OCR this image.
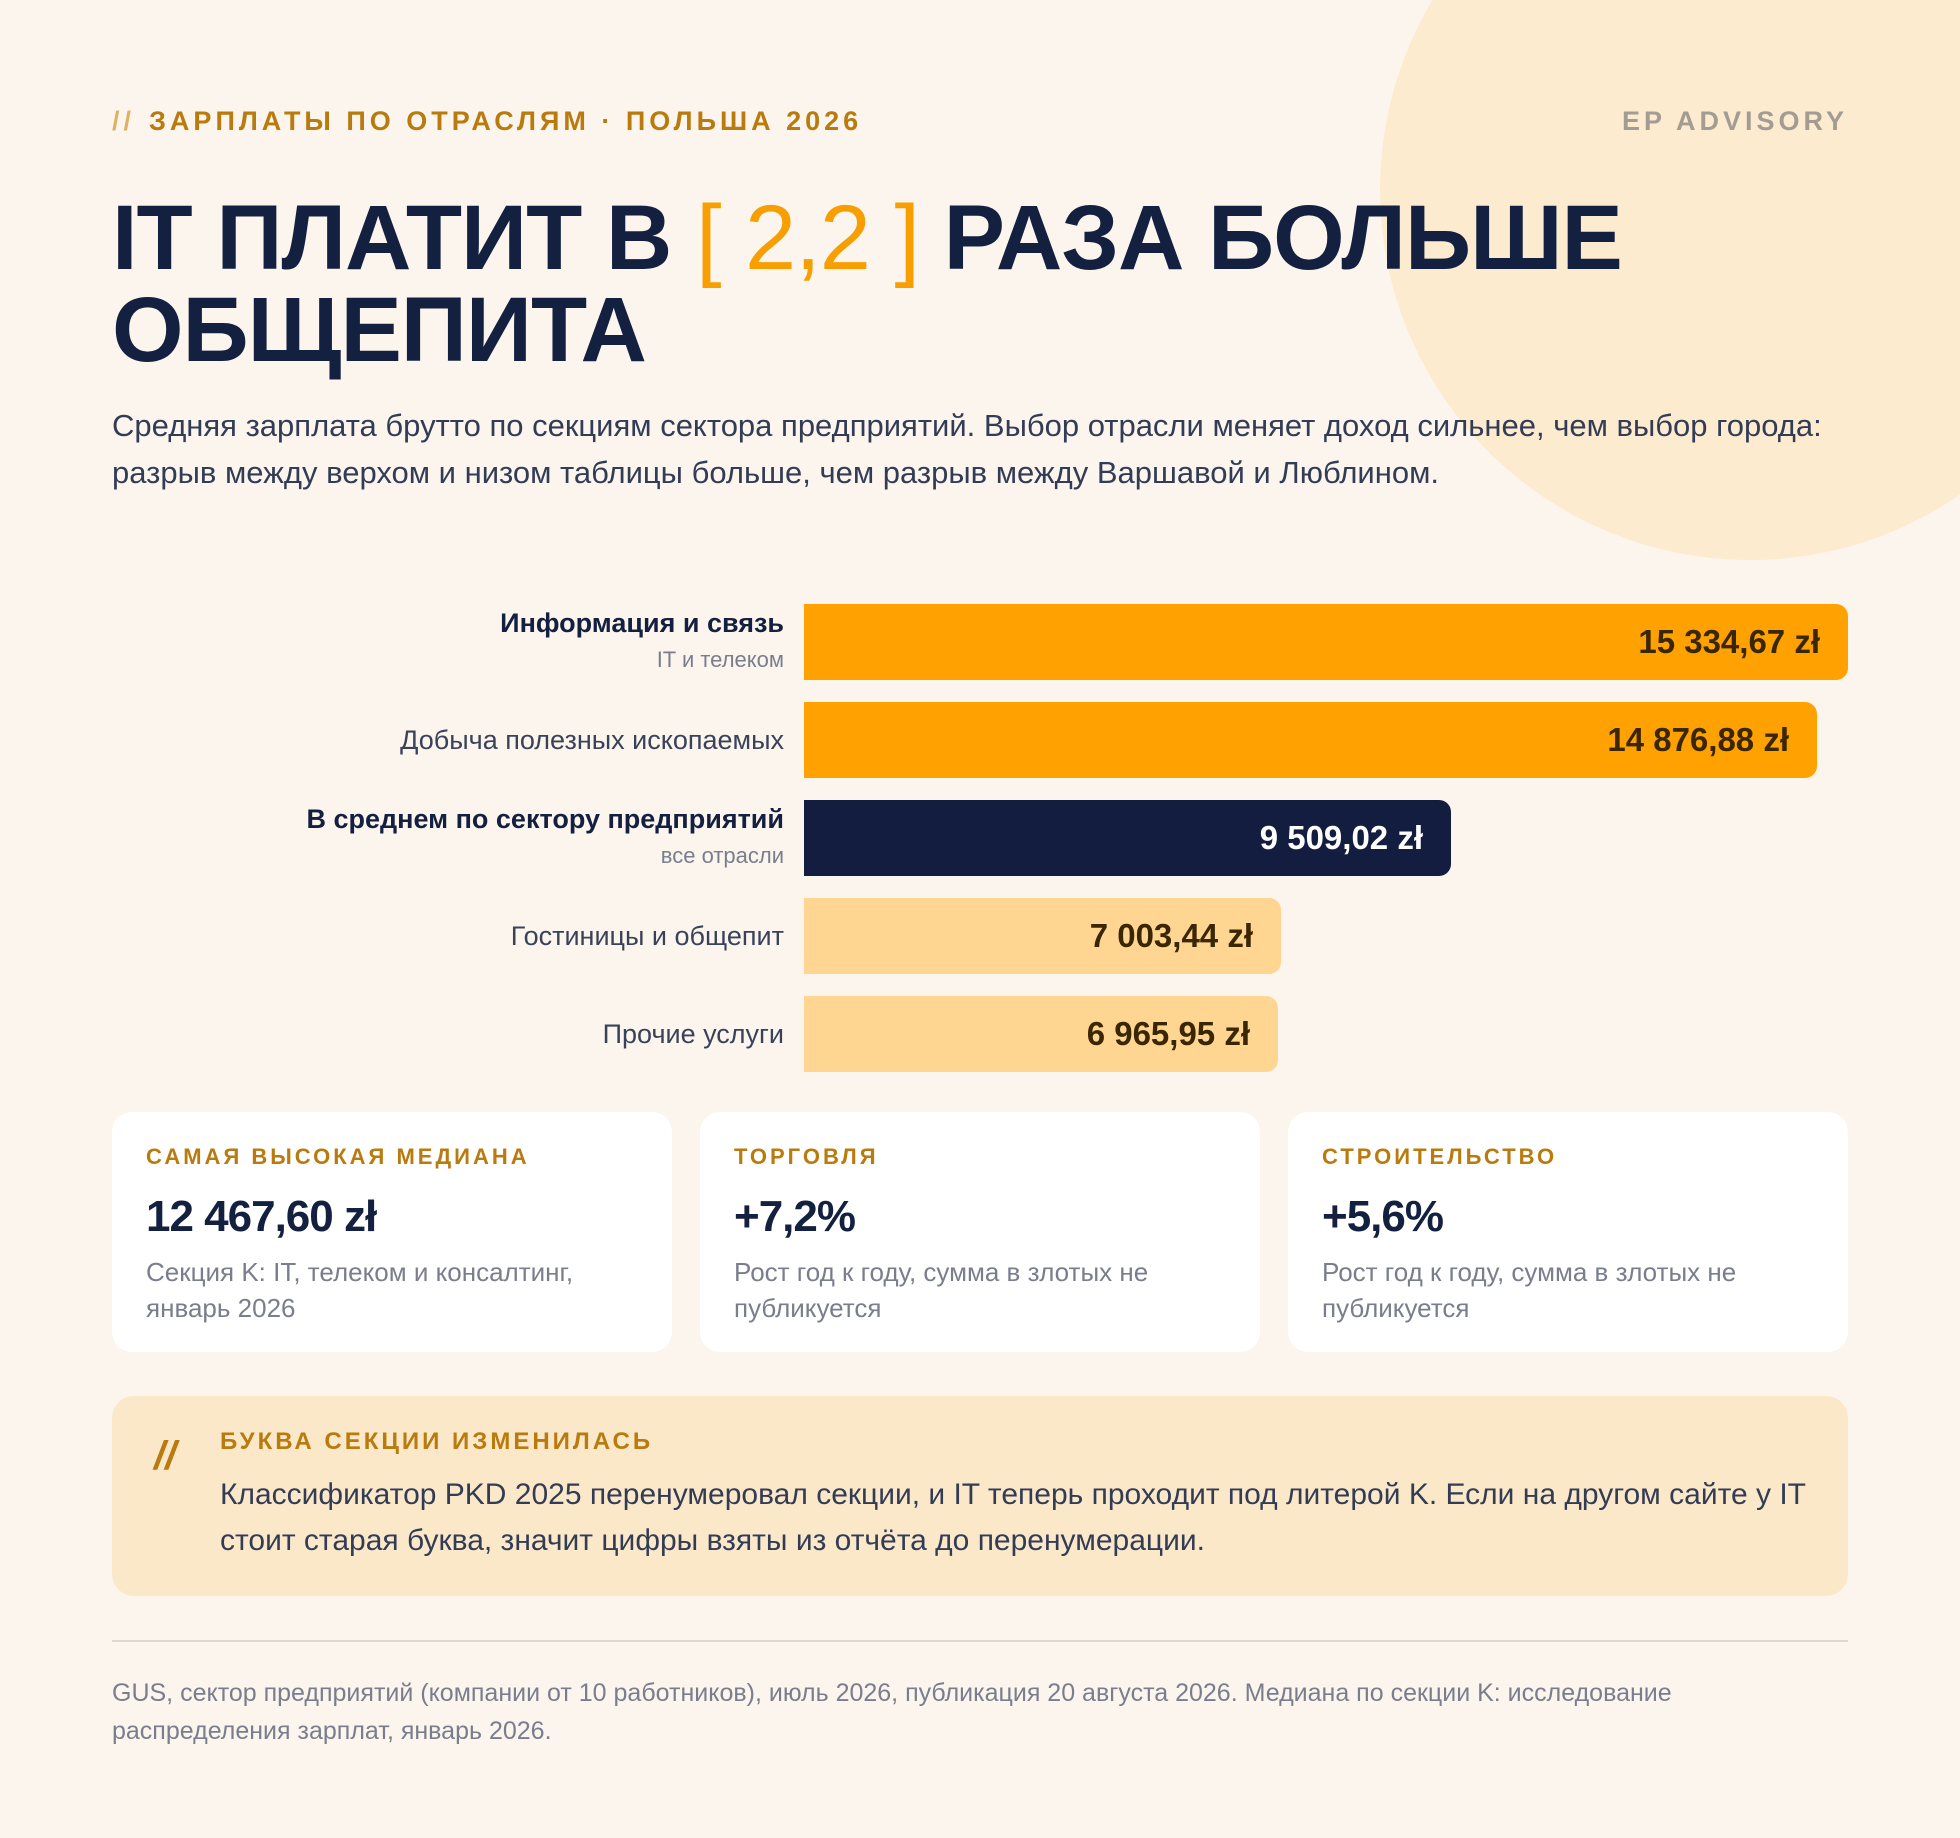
// ЗАРПЛАТЫ ПО ОТРАСЛЯМ · ПОЛЬША 2026	EP ADVISORY
IT ПЛАТИТ В [ 2,2 ] РАЗА БОЛЬШЕ ОБЩЕПИТА
Средняя зарплата брутто по секциям сектора предприятий. Выбор отрасли меняет доход сильнее, чем выбор города: разрыв между верхом и низом таблицы больше, чем разрыв между Варшавой и Люблином.
Информация и связь
IT и телеком	15 334,67 zł
Добыча полезных ископаемых	14 876,88 zł
В среднем по сектору предприятий
все отрасли	9 509,02 zł
Гостиницы и общепит	7 003,44 zł
Прочие услуги	6 965,95 zł
САМАЯ ВЫСОКАЯ МЕДИАНА
12 467,60 zł
Секция K: IT, телеком и консалтинг, январь 2026
ТОРГОВЛЯ
+7,2%
Рост год к году, сумма в злотых не публикуется
СТРОИТЕЛЬСТВО
+5,6%
Рост год к году, сумма в злотых не публикуется
// БУКВА СЕКЦИИ ИЗМЕНИЛАСЬ
Классификатор PKD 2025 перенумеровал секции, и IT теперь проходит под литерой K. Если на другом сайте у IT стоит старая буква, значит цифры взяты из отчёта до перенумерации.
GUS, сектор предприятий (компании от 10 работников), июль 2026, публикация 20 августа 2026. Медиана по секции K: исследование распределения зарплат, январь 2026.
